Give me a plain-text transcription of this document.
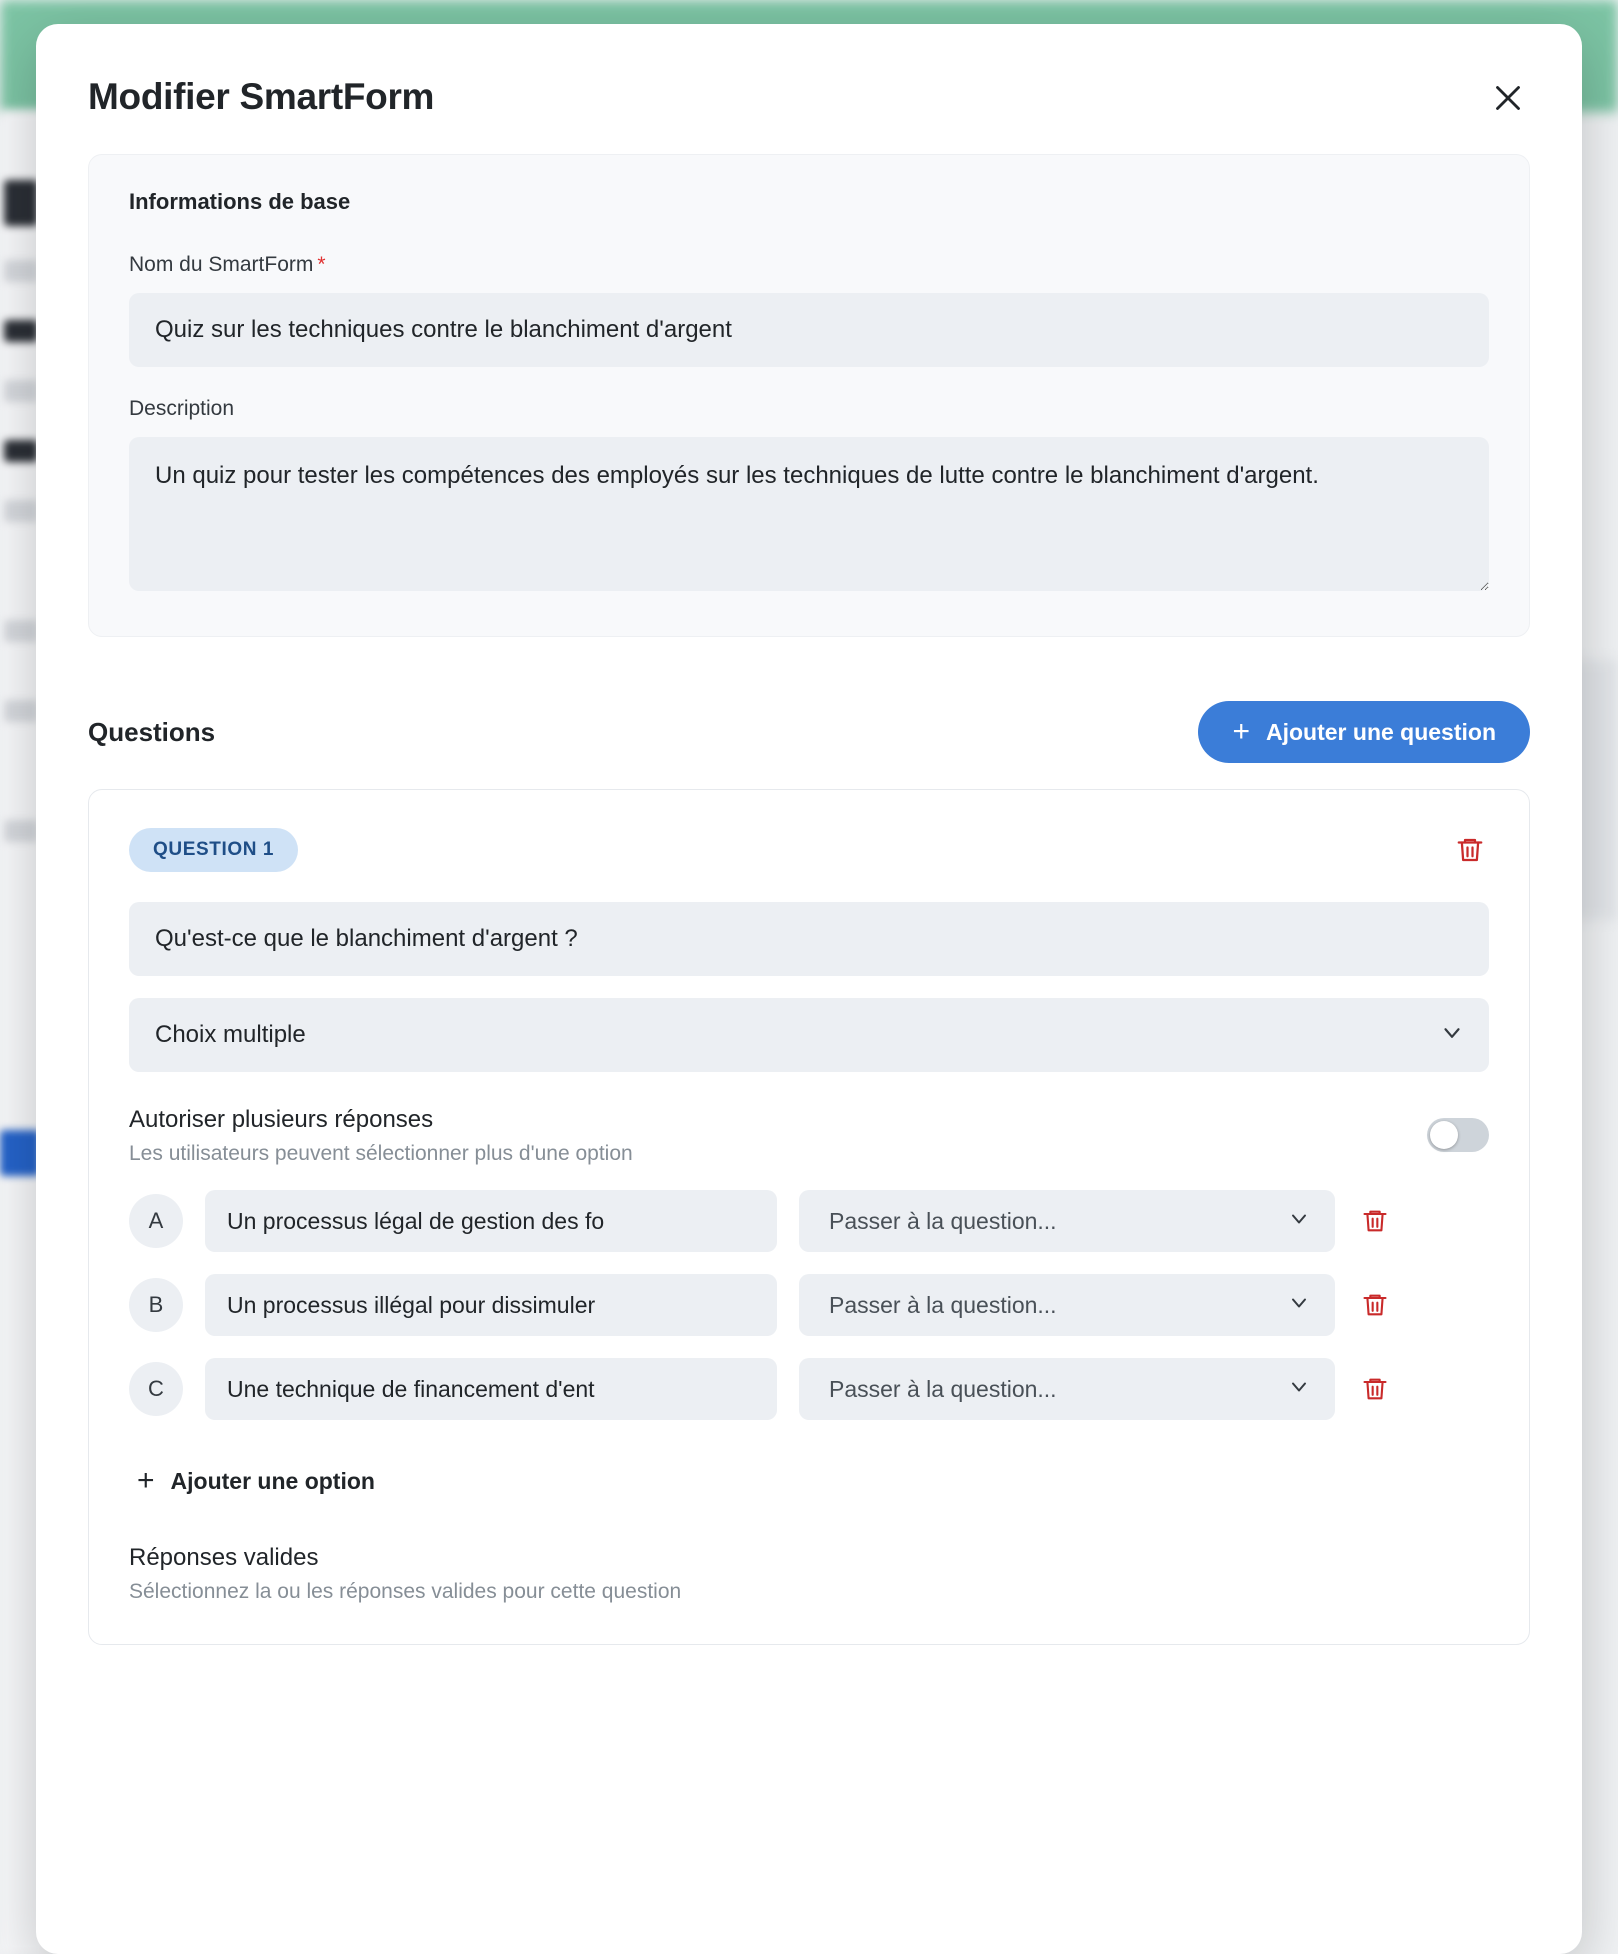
Modifier SmartForm
Informations de base
Nom du SmartForm *
Quiz sur les techniques contre le blanchiment d'argent
Description
Un quiz pour tester les compétences des employés sur les techniques de lutte contre le blanchiment d'argent.
Questions	+ Ajouter une question
QUESTION 1
Qu'est-ce que le blanchiment d'argent ?
Choix multiple
Autoriser plusieurs réponses
Les utilisateurs peuvent sélectionner plus d'une option
A
Un processus légal de gestion des fo
Passer à la question...
B
Un processus illégal pour dissimuler
Passer à la question...
C
Une technique de financement d'ent
Passer à la question...
+ Ajouter une option
Réponses valides
Sélectionnez la ou les réponses valides pour cette question
